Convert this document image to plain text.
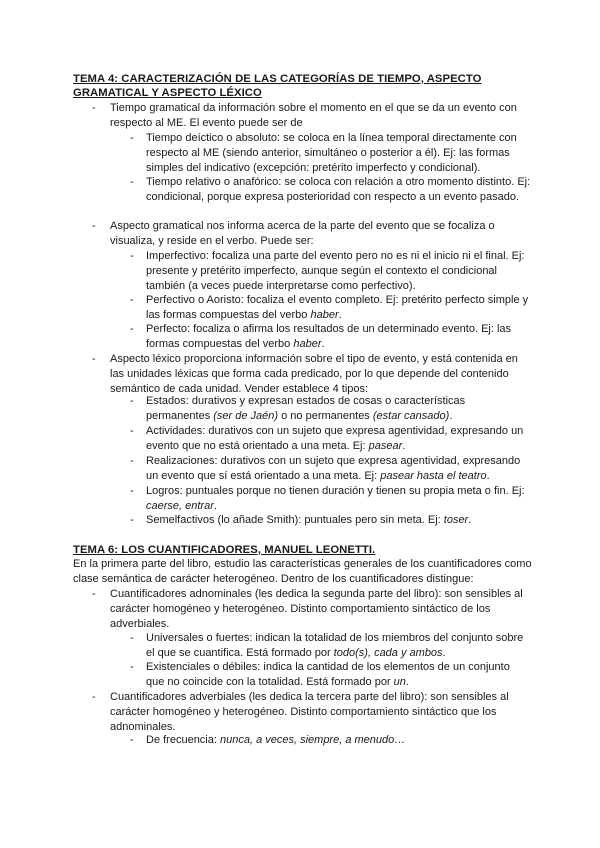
TEMA 4: CARACTERIZACIÓN DE LAS CATEGORÍAS DE TIEMPO, ASPECTO GRAMATICAL Y ASPECTO LÉXICO
- Tiempo gramatical da información sobre el momento en el que se da un evento con respecto al ME. El evento puede ser de
- Tiempo deíctico o absoluto: se coloca en la línea temporal directamente con respecto al ME (siendo anterior, simultáneo o posterior a él). Ej: las formas simples del indicativo (excepción: pretérito imperfecto y condicional).
- Tiempo relativo o anafórico: se coloca con relación a otro momento distinto. Ej: condicional, porque expresa posterioridad con respecto a un evento pasado.
- Aspecto gramatical nos informa acerca de la parte del evento que se focaliza o visualiza, y reside en el verbo. Puede ser:
- Imperfectivo: focaliza una parte del evento pero no es ni el inicio ni el final. Ej: presente y pretérito imperfecto, aunque según el contexto el condicional también (a veces puede interpretarse como perfectivo).
- Perfectivo o Aoristo: focaliza el evento completo. Ej: pretérito perfecto simple y las formas compuestas del verbo haber.
- Perfecto: focaliza o afirma los resultados de un determinado evento. Ej: las formas compuestas del verbo haber.
- Aspecto léxico proporciona información sobre el tipo de evento, y está contenida en las unidades léxicas que forma cada predicado, por lo que depende del contenido semántico de cada unidad. Vender establece 4 tipos:
- Estados: durativos y expresan estados de cosas o características permanentes (ser de Jaén) o no permanentes (estar cansado).
- Actividades: durativos con un sujeto que expresa agentividad, expresando un evento que no está orientado a una meta. Ej: pasear.
- Realizaciones: durativos con un sujeto que expresa agentividad, expresando un evento que sí está orientado a una meta. Ej: pasear hasta el teatro.
- Logros: puntuales porque no tienen duración y tienen su propia meta o fin. Ej: caerse, entrar.
- Semelfactivos (lo añade Smith): puntuales pero sin meta. Ej: toser.
TEMA 6: LOS CUANTIFICADORES, MANUEL LEONETTI.
En la primera parte del libro, estudio las características generales de los cuantificadores como clase semántica de carácter heterogéneo. Dentro de los cuantificadores distingue:
- Cuantificadores adnominales (les dedica la segunda parte del libro): son sensibles al carácter homogéneo y heterogéneo. Distinto comportamiento sintáctico de los adverbiales.
- Universales o fuertes: indican la totalidad de los miembros del conjunto sobre el que se cuantifica. Está formado por todo(s), cada y ambos.
- Existenciales o débiles: indica la cantidad de los elementos de un conjunto que no coincide con la totalidad. Está formado por un.
- Cuantificadores adverbiales (les dedica la tercera parte del libro): son sensibles al carácter homogéneo y heterogéneo. Distinto comportamiento sintáctico que los adnominales.
- De frecuencia: nunca, a veces, siempre, a menudo…
